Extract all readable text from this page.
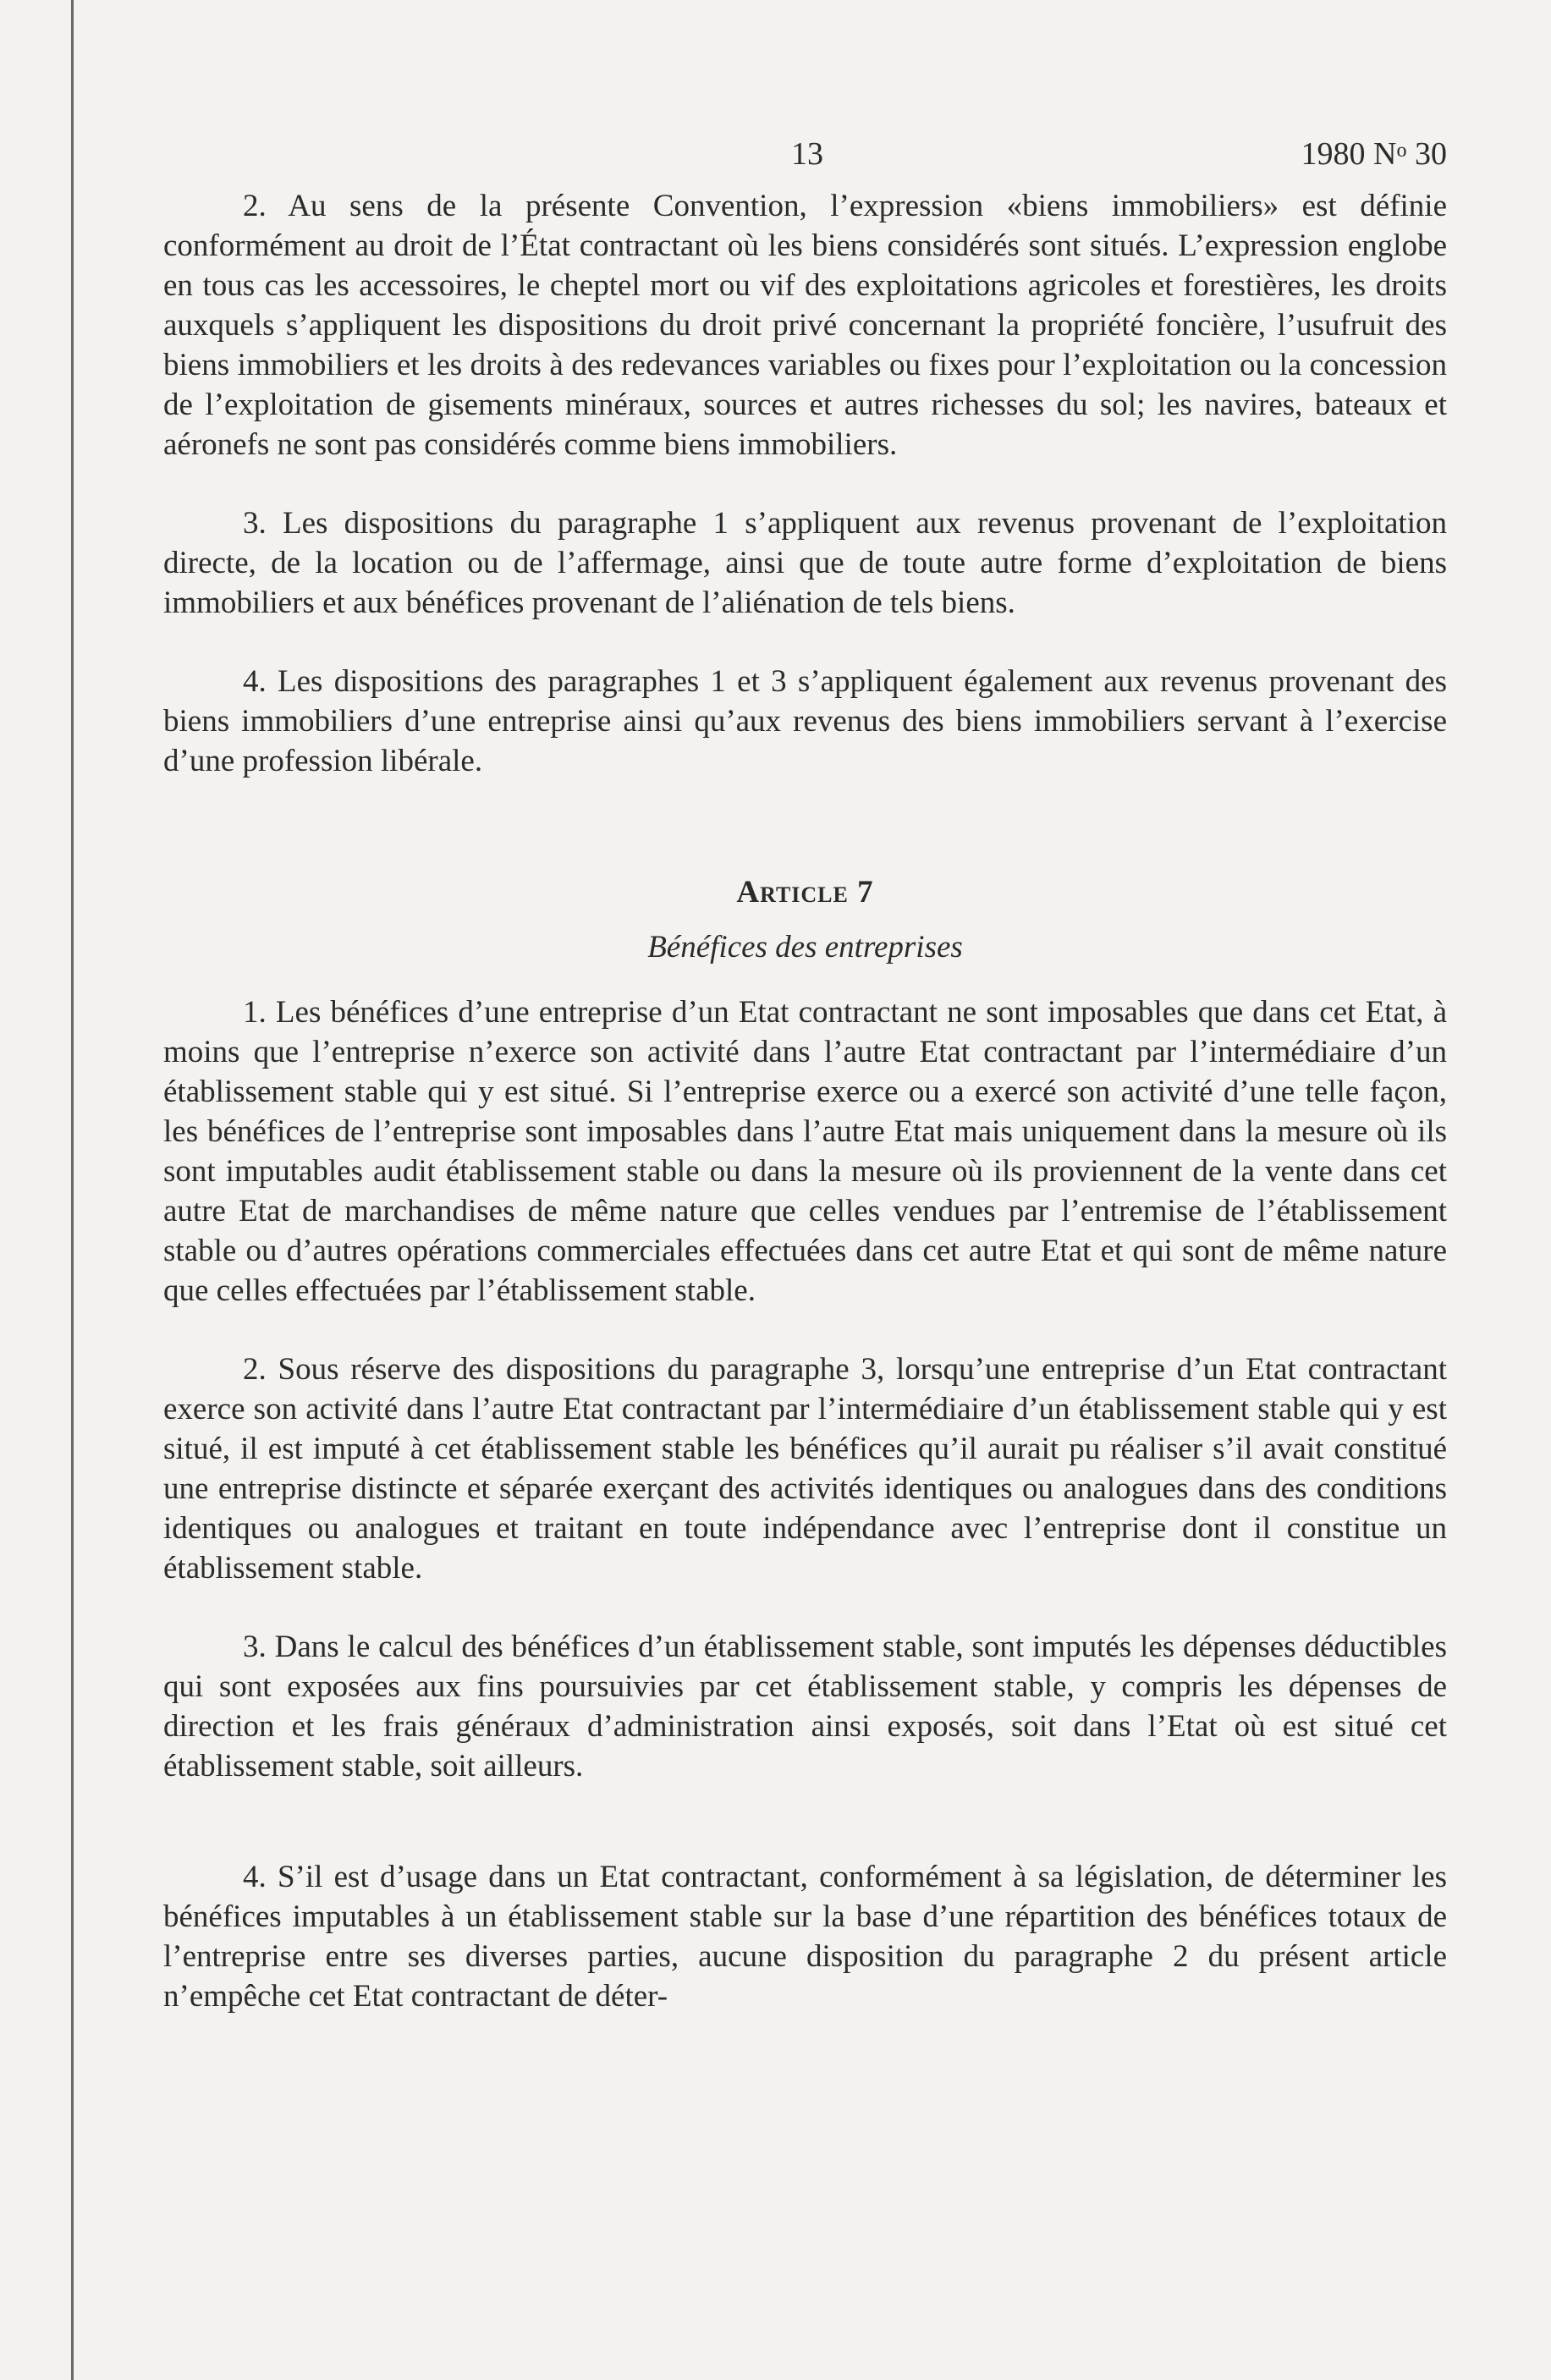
13	1980 $N^o$ 30

2. Au sens de la présente Convention, l’expression «biens immobiliers» est définie conformément au droit de l’État contractant où les biens considérés sont situés. L’expression englobe en tous cas les accessoires, le cheptel mort ou vif des exploitations agricoles et forestières, les droits auxquels s’appliquent les dispositions du droit privé concernant la propriété foncière, l’usufruit des biens immobiliers et les droits à des redevances variables ou fixes pour l’exploitation ou la concession de l’exploitation de gisements minéraux, sources et autres richesses du sol; les navires, bateaux et aéronefs ne sont pas considérés comme biens immobiliers.

3. Les dispositions du paragraphe 1 s’appliquent aux revenus provenant de l’exploitation directe, de la location ou de l’affermage, ainsi que de toute autre forme d’exploitation de biens immobiliers et aux bénéfices provenant de l’aliénation de tels biens.

4. Les dispositions des paragraphes 1 et 3 s’appliquent également aux revenus provenant des biens immobiliers d’une entreprise ainsi qu’aux revenus des biens immobiliers servant à l’exercise d’une profession libérale.

Article 7
Bénéfices des entreprises

1. Les bénéfices d’une entreprise d’un Etat contractant ne sont imposables que dans cet Etat, à moins que l’entreprise n’exerce son activité dans l’autre Etat contractant par l’intermédiaire d’un établissement stable qui y est situé. Si l’entreprise exerce ou a exercé son activité d’une telle façon, les bénéfices de l’entreprise sont imposables dans l’autre Etat mais uniquement dans la mesure où ils sont imputables audit établissement stable ou dans la mesure où ils proviennent de la vente dans cet autre Etat de marchandises de même nature que celles vendues par l’entremise de l’établissement stable ou d’autres opérations commerciales effectuées dans cet autre Etat et qui sont de même nature que celles effectuées par l’établissement stable.

2. Sous réserve des dispositions du paragraphe 3, lorsqu’une entreprise d’un Etat contractant exerce son activité dans l’autre Etat contractant par l’intermédiaire d’un établissement stable qui y est situé, il est imputé à cet établissement stable les bénéfices qu’il aurait pu réaliser s’il avait constitué une entreprise distincte et séparée exerçant des activités identiques ou analogues dans des conditions identiques ou analogues et traitant en toute indépendance avec l’entreprise dont il constitue un établissement stable.

3. Dans le calcul des bénéfices d’un établissement stable, sont imputés les dépenses déductibles qui sont exposées aux fins poursuivies par cet établissement stable, y compris les dépenses de direction et les frais généraux d’administration ainsi exposés, soit dans l’Etat où est situé cet établissement stable, soit ailleurs.

4. S’il est d’usage dans un Etat contractant, conformément à sa législation, de déterminer les bénéfices imputables à un établissement stable sur la base d’une répartition des bénéfices totaux de l’entreprise entre ses diverses parties, aucune disposition du paragraphe 2 du présent article n’empêche cet Etat contractant de déter-
